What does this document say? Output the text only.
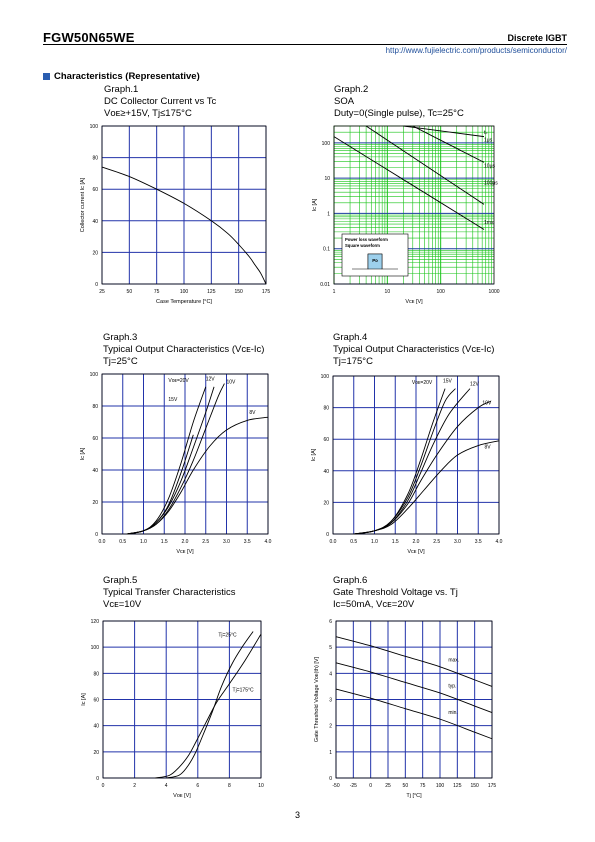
FGW50N65WE	Discrete IGBT
http://www.fujielectric.com/products/semiconductor/
Characteristics (Representative)
Graph.1
DC Collector Current vs Tc
Vᴏᴇ≥+15V, Tj≤175°C
Graph.2
SOA
Duty=0(Single pulse), Tc=25°C
Graph.3
Typical Output Characteristics (Vᴄᴇ-Iᴄ)
Tj=25°C
Graph.4
Typical Output Characteristics (Vᴄᴇ-Iᴄ)
Tj=175°C
Graph.5
Typical Transfer Characteristics
Vᴄᴇ=10V
Graph.6
Gate Threshold Voltage vs. Tj
Iᴄ=50mA, Vᴄᴇ=20V
25	50	75	100	125	150	175
0
20
40
60
80
100
Case Temperature [°C]
Collector current Iᴄ [A]
1	10	100	1000
0.01
0.1
1
10
100
Vᴄᴇ [V]
Iᴄ [A]
tₚ
1μs
10μs
100μs
1ms
Power loss waveform
Square waveform
Pᴅ
0.0	0.5	1.0	1.5	2.0	2.5	3.0	3.5	4.0
0
20
40
60
80
100
Vᴄᴇ [V]
Iᴄ [A]
Vᴏᴇ=20V
15V
12V
10V
8V
0.0	0.5	1.0	1.5	2.0	2.5	3.0	3.5	4.0
0
20
40
60
80
100
Vᴄᴇ [V]
Iᴄ [A]
Vᴏᴇ=20V 15V
12V
10V
8V
0	2	4	6	8	10
0
20
40
60
80
100
120
Vᴏᴇ [V]
Iᴄ [A]
Tj=25°C
Tj=175°C
-50 -25 0	25 50 75 100 125 150 175
0
1
2
3
4
5
6
Tj [°C]
Gate Threshold Voltage Vᴏᴇ(th) [V]	max.
typ.
min.
3
